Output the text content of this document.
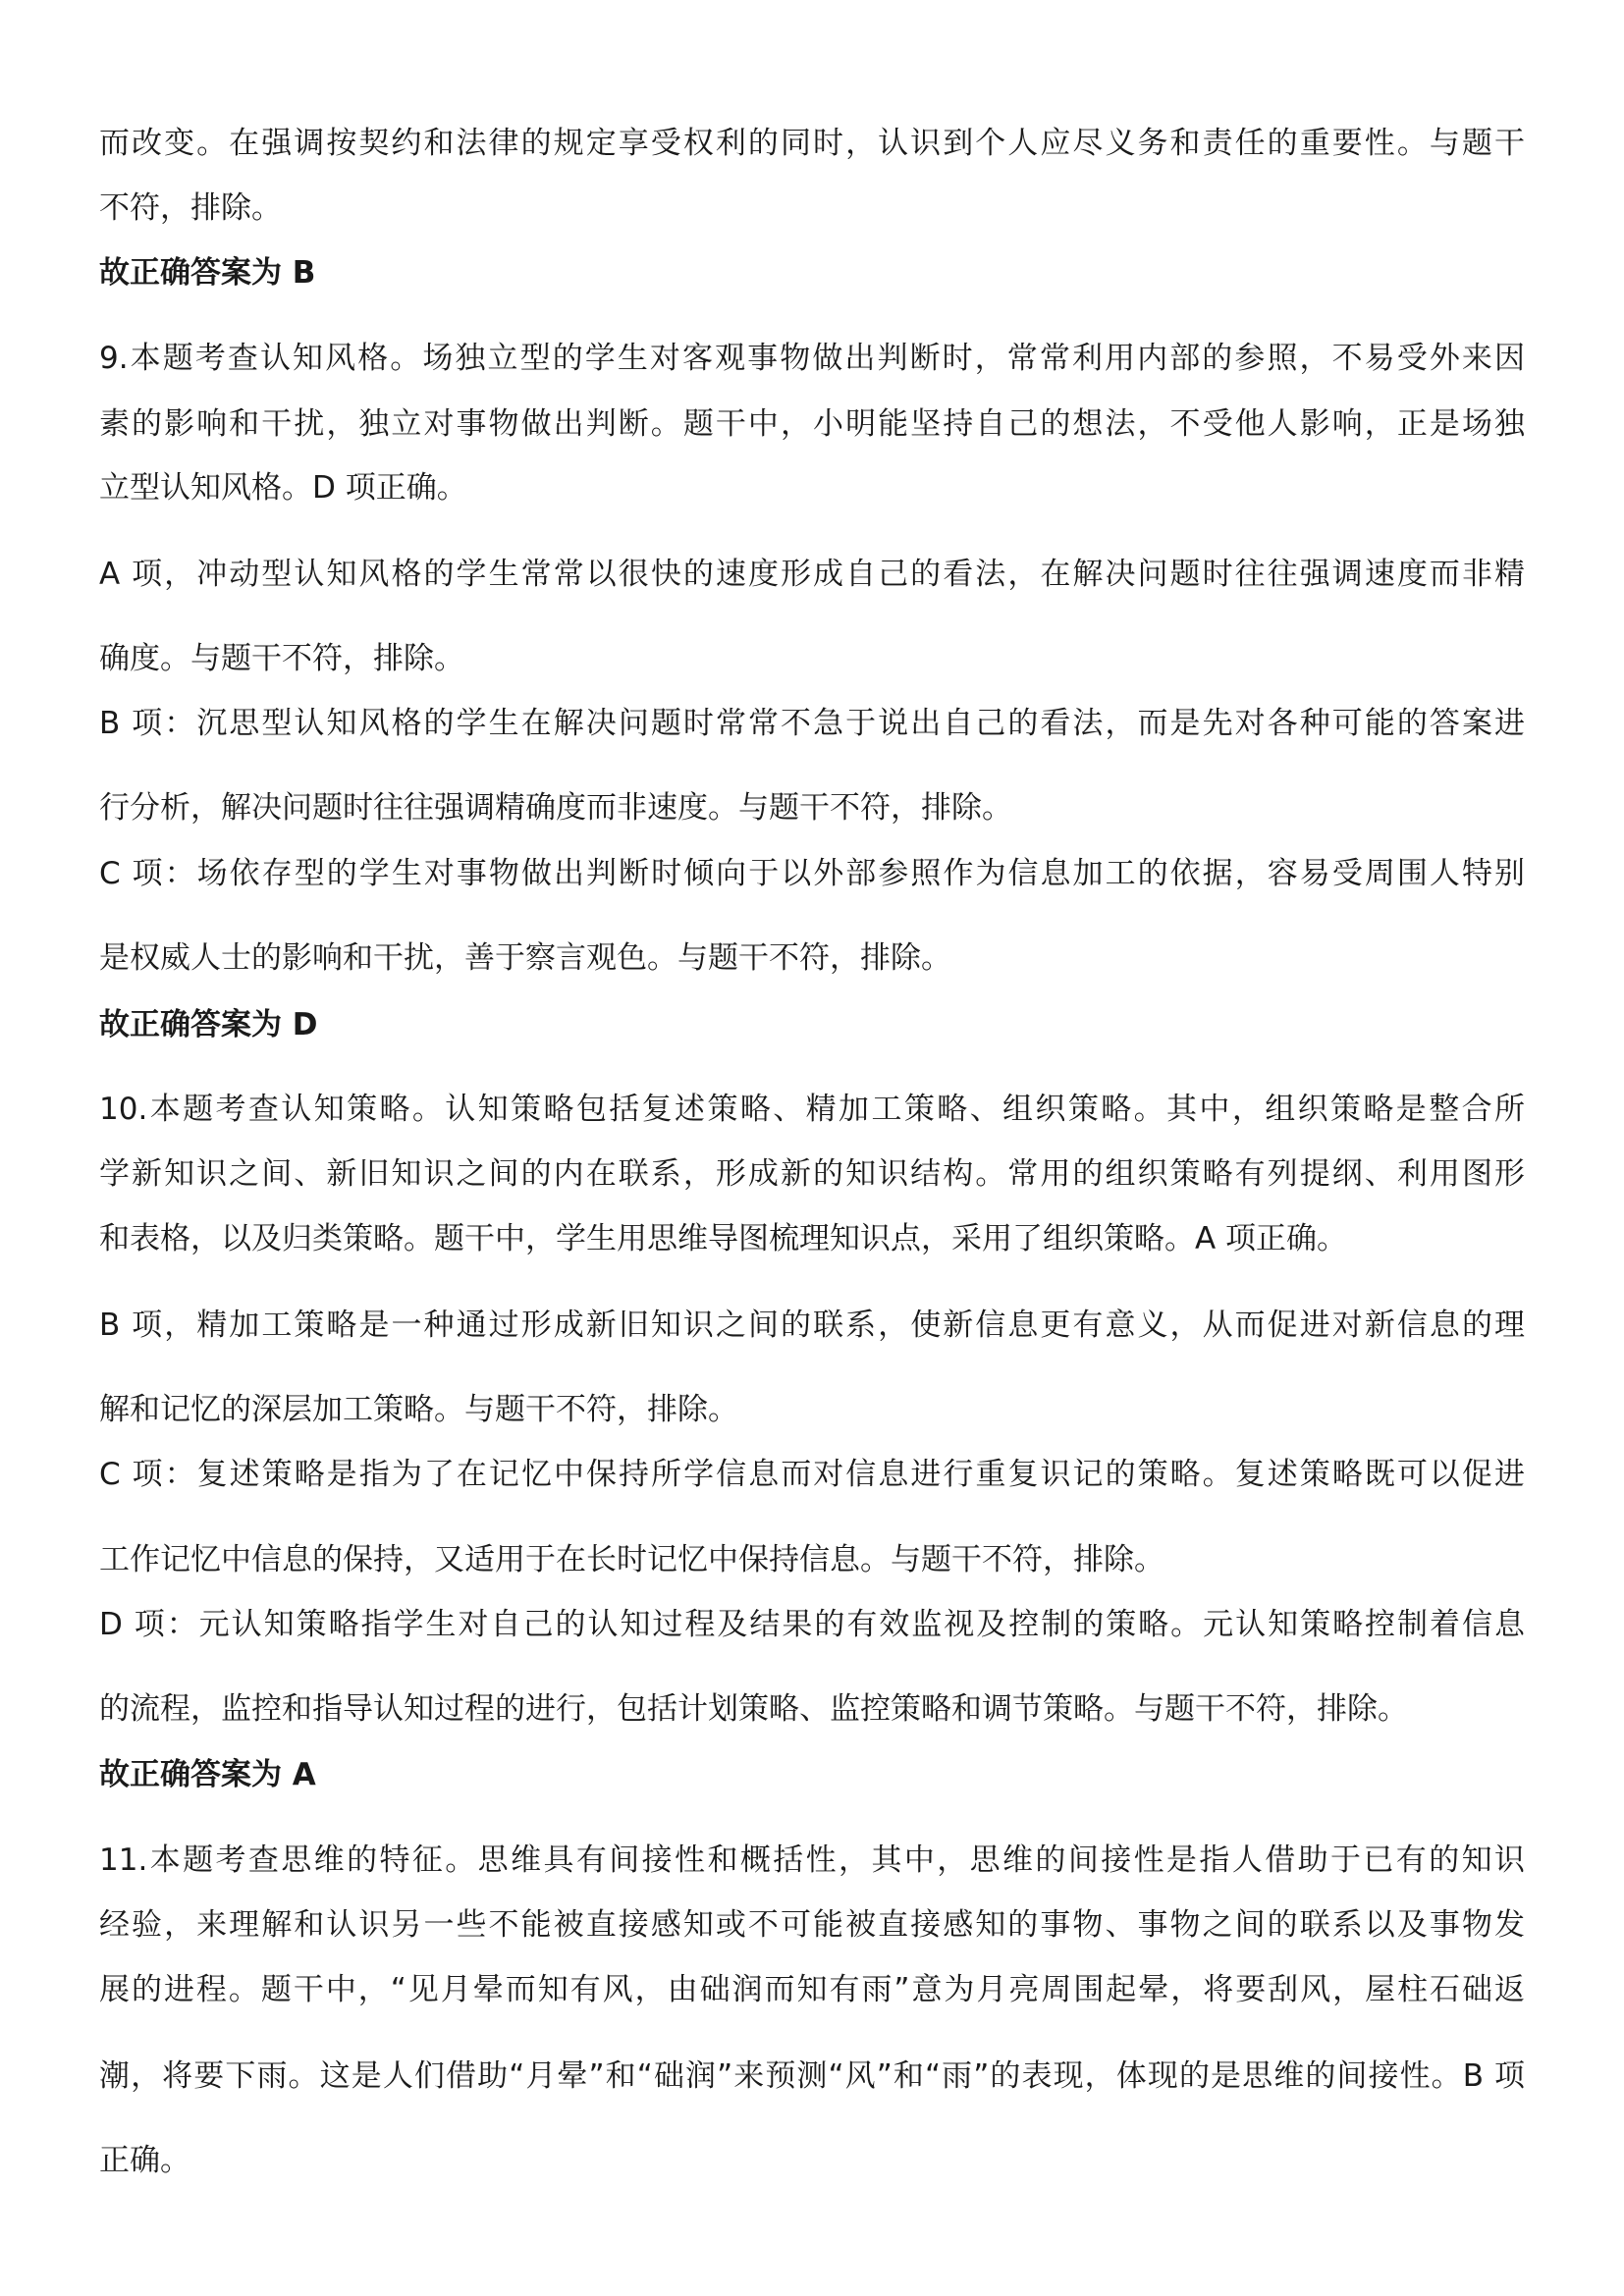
而改变。在强调按契约和法律的规定享受权利的同时，认识到个人应尽义务和责任的重要性。与题干

不符，排除。

故正确答案为 B

9.本题考查认知风格。场独立型的学生对客观事物做出判断时，常常利用内部的参照，不易受外来因

素的影响和干扰，独立对事物做出判断。题干中，小明能坚持自己的想法，不受他人影响，正是场独

立型认知风格。D 项正确。

A 项，冲动型认知风格的学生常常以很快的速度形成自己的看法，在解决问题时往往强调速度而非精

确度。与题干不符，排除。

B 项：沉思型认知风格的学生在解决问题时常常不急于说出自己的看法，而是先对各种可能的答案进

行分析，解决问题时往往强调精确度而非速度。与题干不符，排除。

C 项：场依存型的学生对事物做出判断时倾向于以外部参照作为信息加工的依据，容易受周围人特别

是权威人士的影响和干扰，善于察言观色。与题干不符，排除。

故正确答案为 D

10.本题考查认知策略。认知策略包括复述策略、精加工策略、组织策略。其中，组织策略是整合所

学新知识之间、新旧知识之间的内在联系，形成新的知识结构。常用的组织策略有列提纲、利用图形

和表格，以及归类策略。题干中，学生用思维导图梳理知识点，采用了组织策略。A 项正确。

B 项，精加工策略是一种通过形成新旧知识之间的联系，使新信息更有意义，从而促进对新信息的理

解和记忆的深层加工策略。与题干不符，排除。

C 项：复述策略是指为了在记忆中保持所学信息而对信息进行重复识记的策略。复述策略既可以促进

工作记忆中信息的保持，又适用于在长时记忆中保持信息。与题干不符，排除。

D 项：元认知策略指学生对自己的认知过程及结果的有效监视及控制的策略。元认知策略控制着信息

的流程，监控和指导认知过程的进行，包括计划策略、监控策略和调节策略。与题干不符，排除。

故正确答案为 A

11.本题考查思维的特征。思维具有间接性和概括性，其中，思维的间接性是指人借助于已有的知识

经验，来理解和认识另一些不能被直接感知或不可能被直接感知的事物、事物之间的联系以及事物发

展的进程。题干中，“见月晕而知有风，由础润而知有雨”意为月亮周围起晕，将要刮风，屋柱石础返

潮，将要下雨。这是人们借助“月晕”和“础润”来预测“风”和“雨”的表现，体现的是思维的间接性。B 项

正确。
